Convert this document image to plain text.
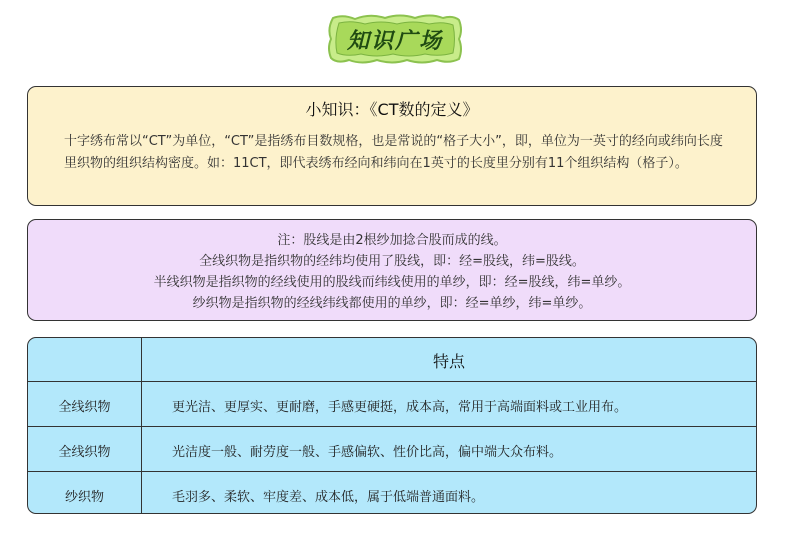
知识广场
小知识：《CT数的定义》
十字绣布常以“CT”为单位，“CT”是指绣布目数规格，也是常说的“格子大小”，即，单位为一英寸的经向或纬向长度里织物的组织结构密度。如：11CT，即代表绣布经向和纬向在1英寸的长度里分别有11个组织结构（格子）。
注：股线是由2根纱加捻合股而成的线。
全线织物是指织物的经纬均使用了股线，即：经=股线，纬=股线。
半线织物是指织物的经线使用的股线而纬线使用的单纱，即：经=股线，纬=单纱。
纱织物是指织物的经线纬线都使用的单纱，即：经=单纱，纬=单纱。
特点
全线织物	更光洁、更厚实、更耐磨，手感更硬挺，成本高，常用于高端面料或工业用布。
全线织物	光洁度一般、耐劳度一般、手感偏软、性价比高，偏中端大众布料。
纱织物	毛羽多、柔软、牢度差、成本低，属于低端普通面料。
